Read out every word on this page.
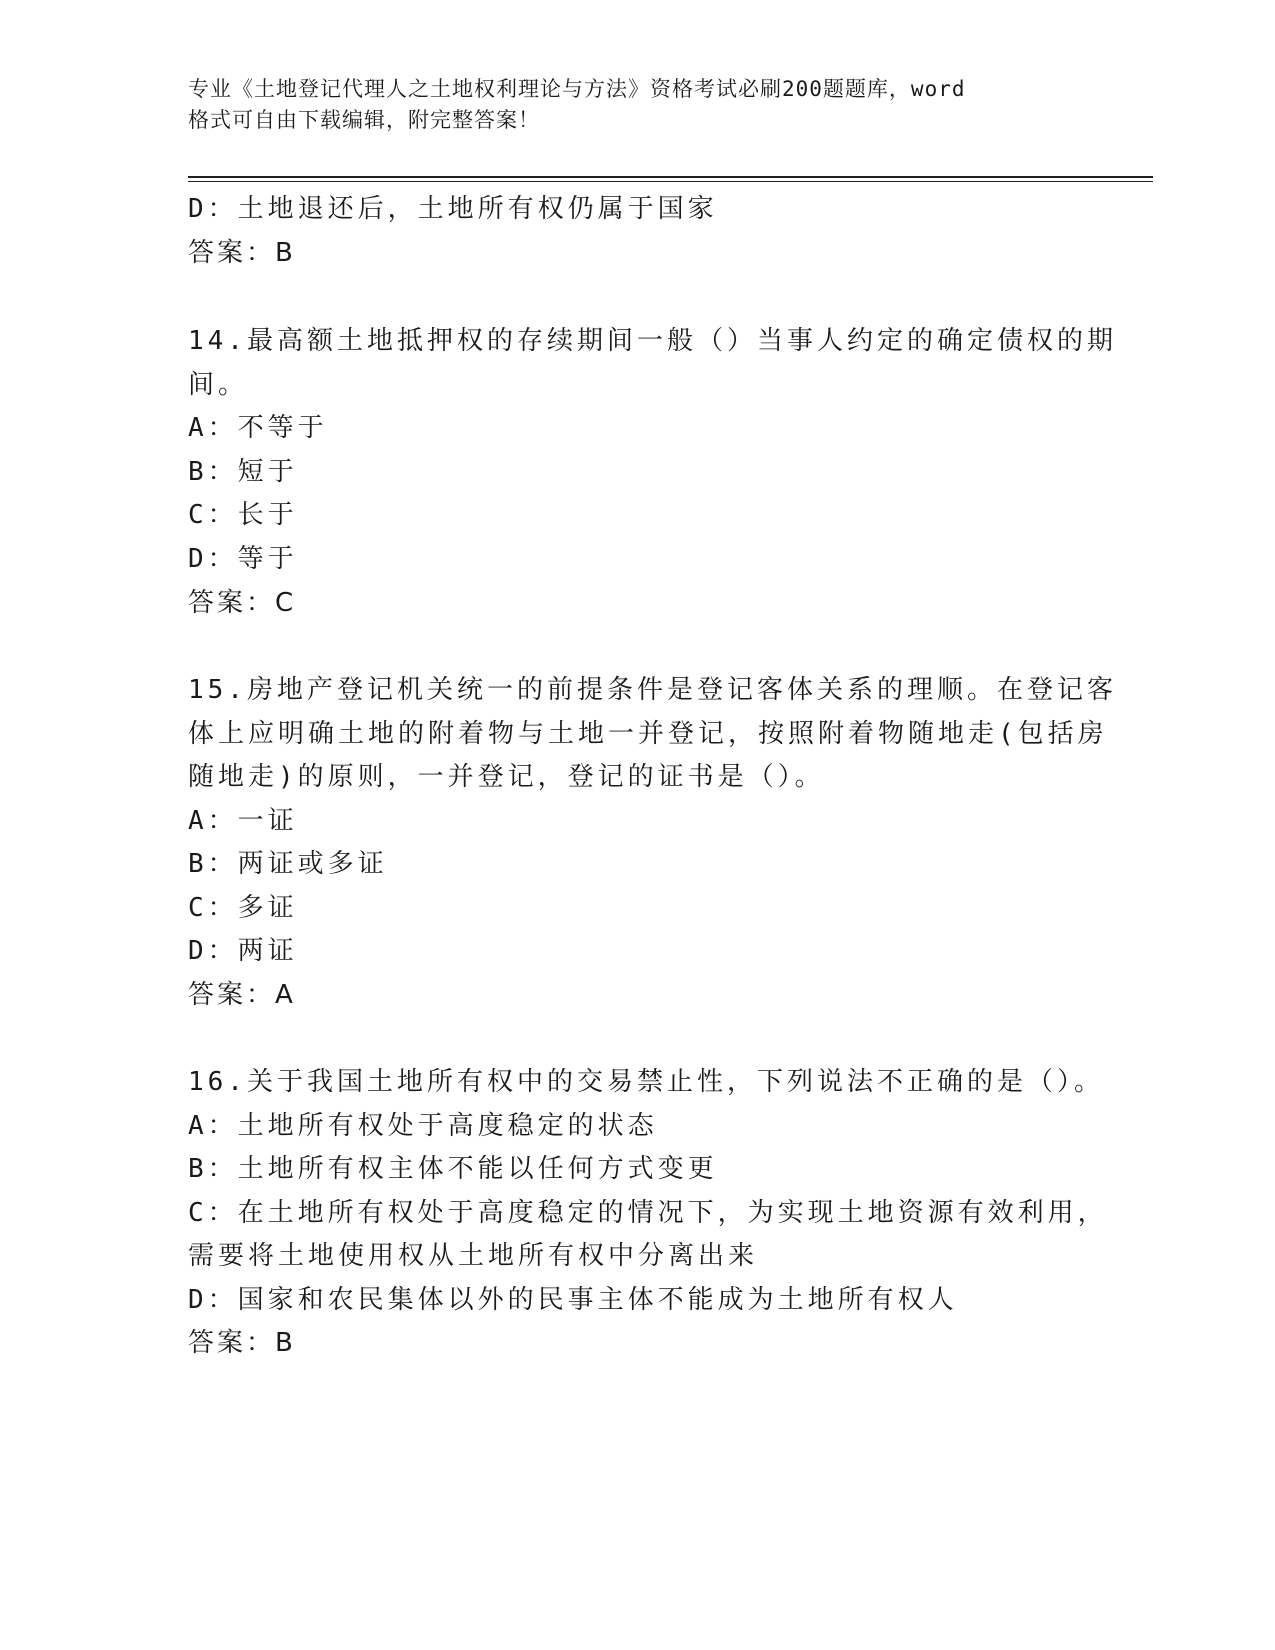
专业《土地登记代理人之土地权利理论与方法》资格考试必刷200题题库，word
格式可自由下载编辑，附完整答案！
D：土地退还后，土地所有权仍属于国家
答案：B
14.最高额土地抵押权的存续期间一般（）当事人约定的确定债权的期
间。
A：不等于
B：短于
C：长于
D：等于
答案：C
15.房地产登记机关统一的前提条件是登记客体关系的理顺。在登记客
体上应明确土地的附着物与土地一并登记，按照附着物随地走(包括房
随地走)的原则，一并登记，登记的证书是（）。
A：一证
B：两证或多证
C：多证
D：两证
答案：A
16.关于我国土地所有权中的交易禁止性，下列说法不正确的是（）。
A：土地所有权处于高度稳定的状态
B：土地所有权主体不能以任何方式变更
C：在土地所有权处于高度稳定的情况下，为实现土地资源有效利用，
需要将土地使用权从土地所有权中分离出来
D：国家和农民集体以外的民事主体不能成为土地所有权人
答案：B
